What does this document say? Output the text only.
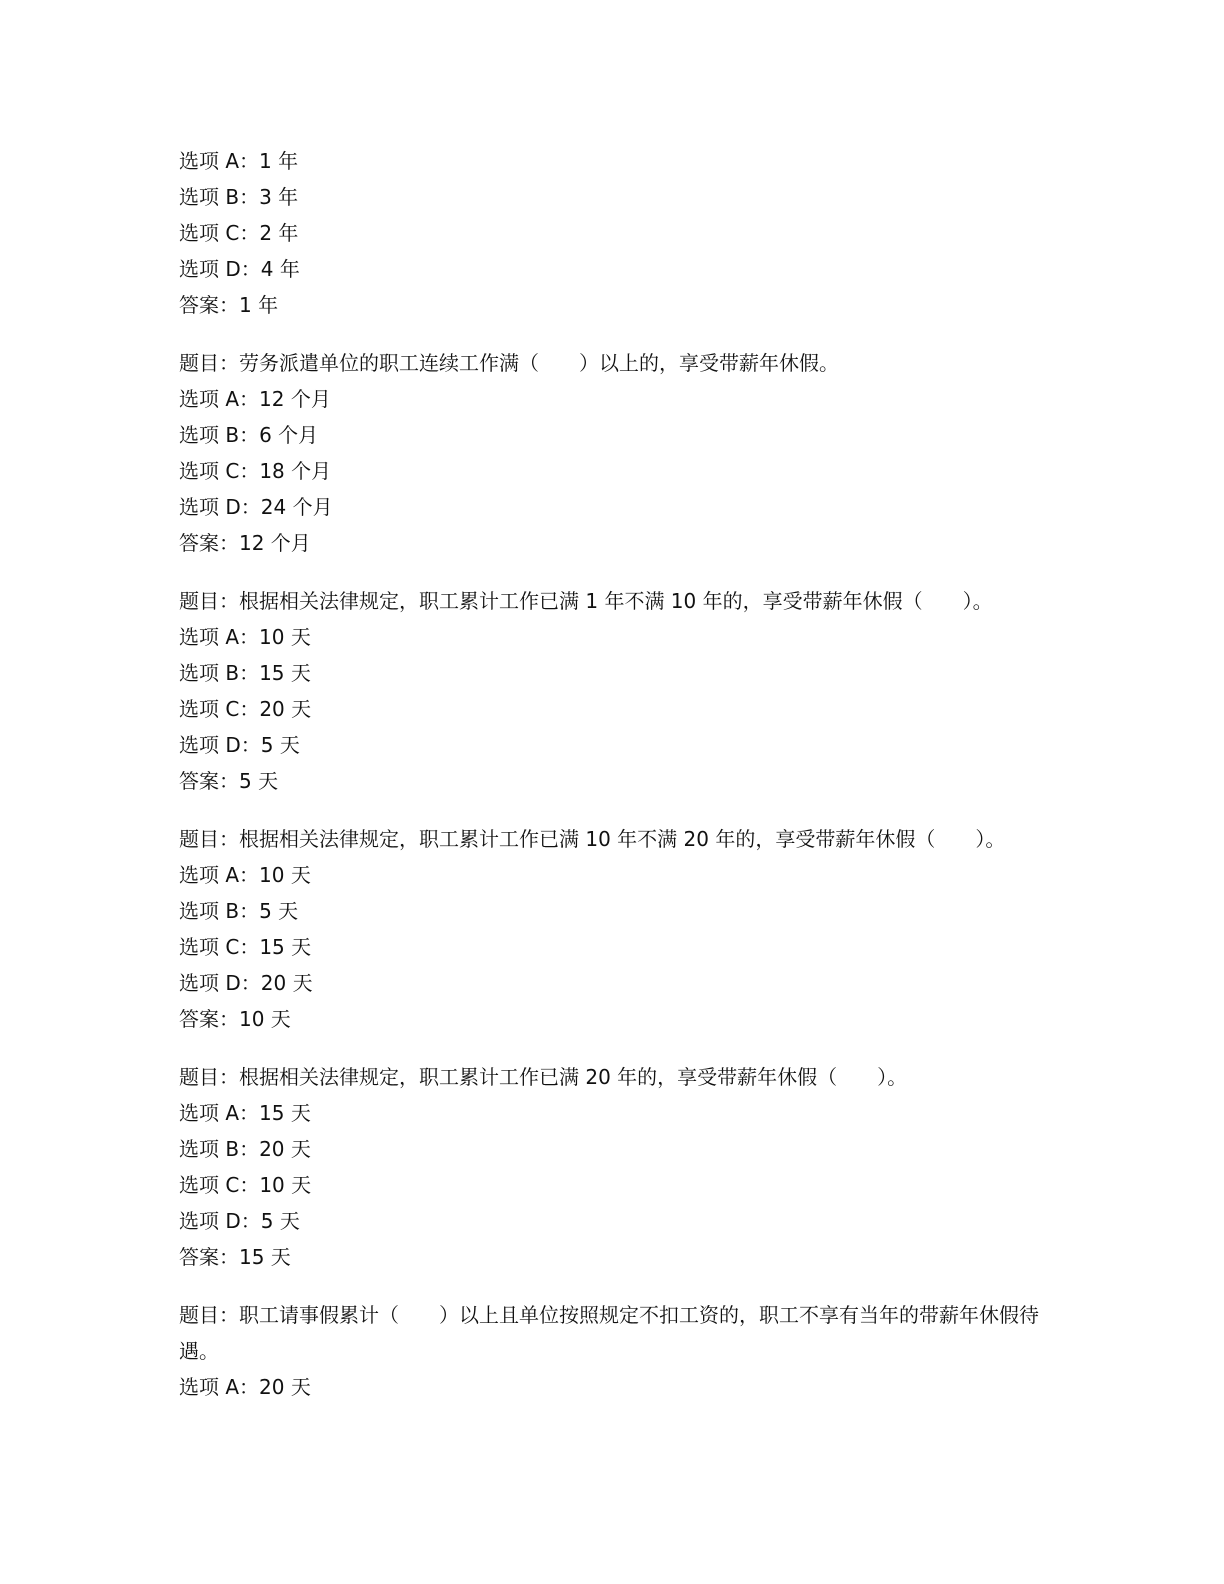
选项 A：1 年
选项 B：3 年
选项 C：2 年
选项 D：4 年
答案：1 年
题目：劳务派遣单位的职工连续工作满（　　）以上的，享受带薪年休假。
选项 A：12 个月
选项 B：6 个月
选项 C：18 个月
选项 D：24 个月
答案：12 个月
题目：根据相关法律规定，职工累计工作已满 1 年不满 10 年的，享受带薪年休假（　　）。
选项 A：10 天
选项 B：15 天
选项 C：20 天
选项 D：5 天
答案：5 天
题目：根据相关法律规定，职工累计工作已满 10 年不满 20 年的，享受带薪年休假（　　）。
选项 A：10 天
选项 B：5 天
选项 C：15 天
选项 D：20 天
答案：10 天
题目：根据相关法律规定，职工累计工作已满 20 年的，享受带薪年休假（　　）。
选项 A：15 天
选项 B：20 天
选项 C：10 天
选项 D：5 天
答案：15 天
题目：职工请事假累计（　　）以上且单位按照规定不扣工资的，职工不享有当年的带薪年休假待遇。
选项 A：20 天
